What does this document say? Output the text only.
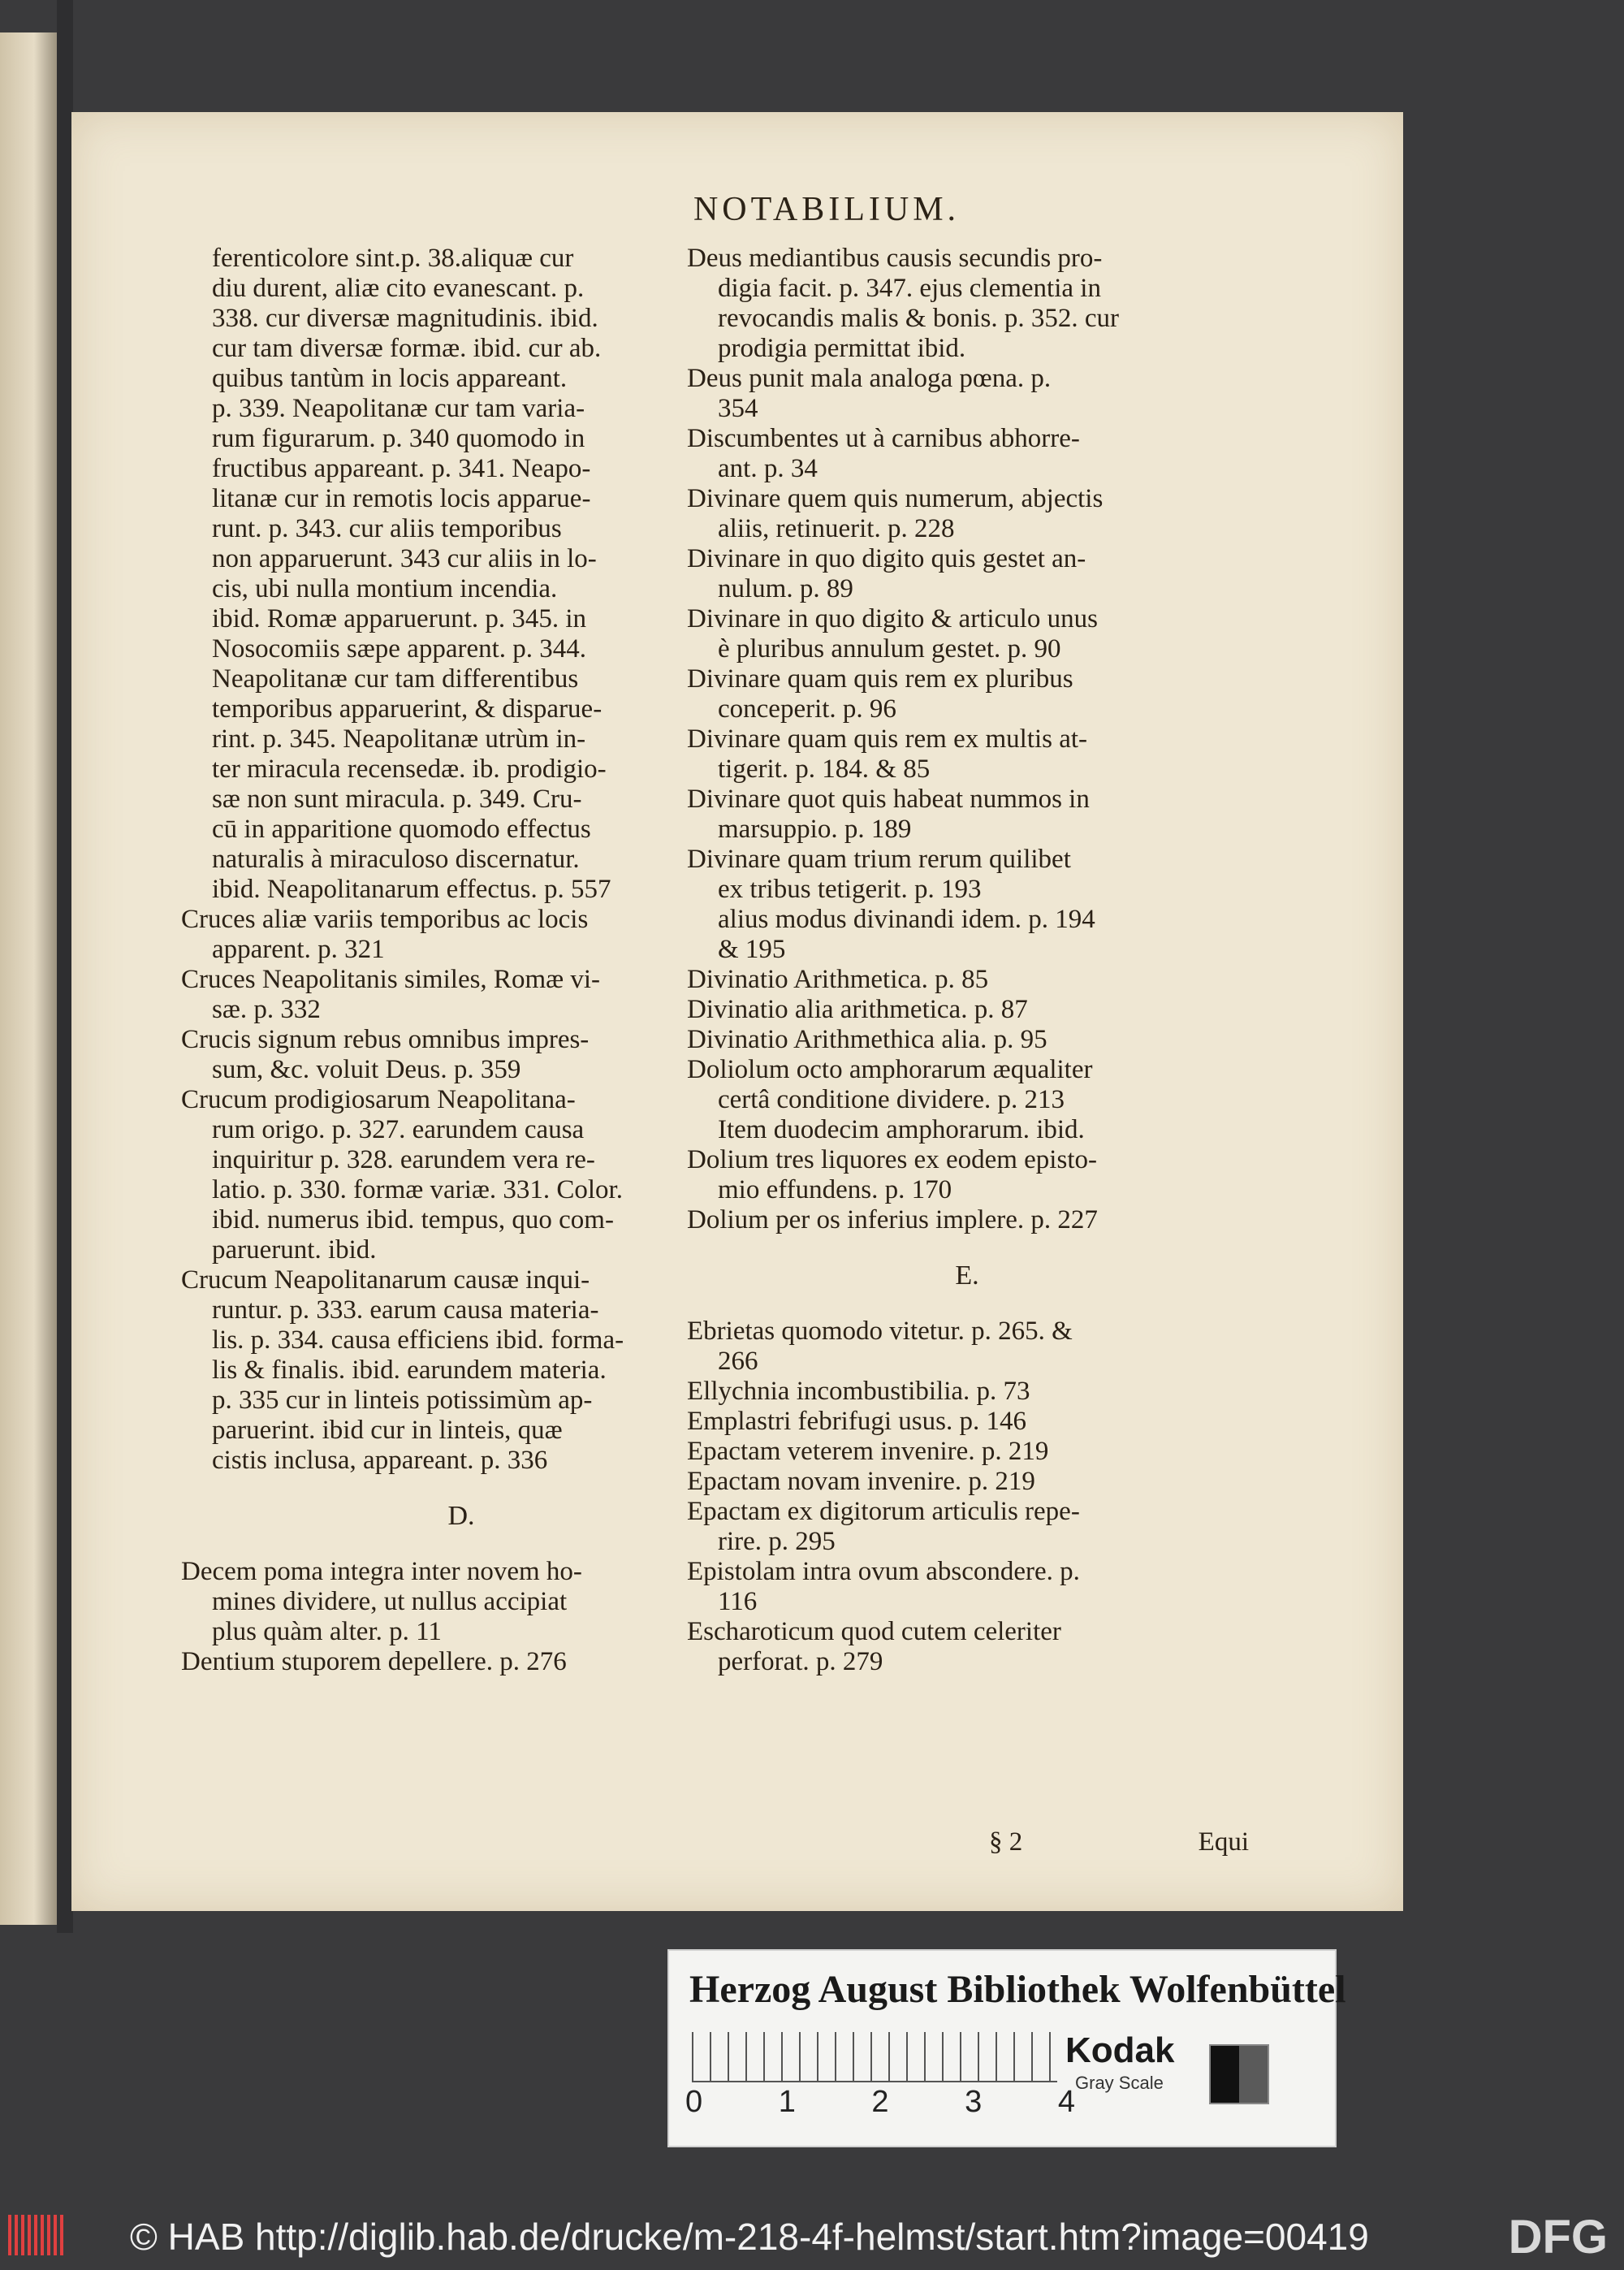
NOTABILIUM.
ferenticolore sint.p. 38.aliquæ cur
diu durent, aliæ cito evanescant. p.
338. cur diversæ magnitudinis. ibid.
cur tam diversæ formæ. ibid. cur ab.
quibus tantùm in locis appareant.
p. 339. Neapolitanæ cur tam varia-
rum figurarum. p. 340 quomodo in
fructibus appareant. p. 341. Neapo-
litanæ cur in remotis locis apparue-
runt. p. 343. cur aliis temporibus
non apparuerunt. 343 cur aliis in lo-
cis, ubi nulla montium incendia.
ibid. Romæ apparuerunt. p. 345. in
Nosocomiis sæpe apparent. p. 344.
Neapolitanæ cur tam differentibus
temporibus apparuerint, & disparue-
rint. p. 345. Neapolitanæ utrùm in-
ter miracula recensedæ. ib. prodigio-
sæ non sunt miracula. p. 349. Cru-
cū in apparitione quomodo effectus
naturalis à miraculoso discernatur.
ibid. Neapolitanarum effectus. p. 557
Cruces aliæ variis temporibus ac locis
apparent. p. 321
Cruces Neapolitanis similes, Romæ vi-
sæ. p. 332
Crucis signum rebus omnibus impres-
sum, &c. voluit Deus. p. 359
Crucum prodigiosarum Neapolitana-
rum origo. p. 327. earundem causa
inquiritur p. 328. earundem vera re-
latio. p. 330. formæ variæ. 331. Color.
ibid. numerus ibid. tempus, quo com-
paruerunt. ibid.
Crucum Neapolitanarum causæ inqui-
runtur. p. 333. earum causa materia-
lis. p. 334. causa efficiens ibid. forma-
lis & finalis. ibid. earundem materia.
p. 335 cur in linteis potissimùm ap-
paruerint. ibid cur in linteis, quæ
cistis inclusa, appareant. p. 336
D.
Decem poma integra inter novem ho-
mines dividere, ut nullus accipiat
plus quàm alter. p. 11
Dentium stuporem depellere. p. 276
Deus mediantibus causis secundis pro-
digia facit. p. 347. ejus clementia in
revocandis malis & bonis. p. 352. cur
prodigia permittat ibid.
Deus punit mala analoga pœna. p.
354
Discumbentes ut à carnibus abhorre-
ant. p. 34
Divinare quem quis numerum, abjectis
aliis, retinuerit. p. 228
Divinare in quo digito quis gestet an-
nulum. p. 89
Divinare in quo digito & articulo unus
è pluribus annulum gestet. p. 90
Divinare quam quis rem ex pluribus
conceperit. p. 96
Divinare quam quis rem ex multis at-
tigerit. p. 184. & 85
Divinare quot quis habeat nummos in
marsuppio. p. 189
Divinare quam trium rerum quilibet
ex tribus tetigerit. p. 193
alius modus divinandi idem. p. 194
& 195
Divinatio Arithmetica. p. 85
Divinatio alia arithmetica. p. 87
Divinatio Arithmethica alia. p. 95
Doliolum octo amphorarum æqualiter
certâ conditione dividere. p. 213
Item duodecim amphorarum. ibid.
Dolium tres liquores ex eodem episto-
mio effundens. p. 170
Dolium per os inferius implere. p. 227
E.
Ebrietas quomodo vitetur. p. 265. &
266
Ellychnia incombustibilia. p. 73
Emplastri febrifugi usus. p. 146
Epactam veterem invenire. p. 219
Epactam novam invenire. p. 219
Epactam ex digitorum articulis repe-
rire. p. 295
Epistolam intra ovum abscondere. p.
116
Escharoticum quod cutem celeriter
perforat. p. 279
§ 2	Equi
Herzog August Bibliothek Wolfenbüttel
0 1 2 3 4
Kodak
Gray Scale
© HAB http://diglib.hab.de/drucke/m-218-4f-helmst/start.htm?image=00419	DFG
